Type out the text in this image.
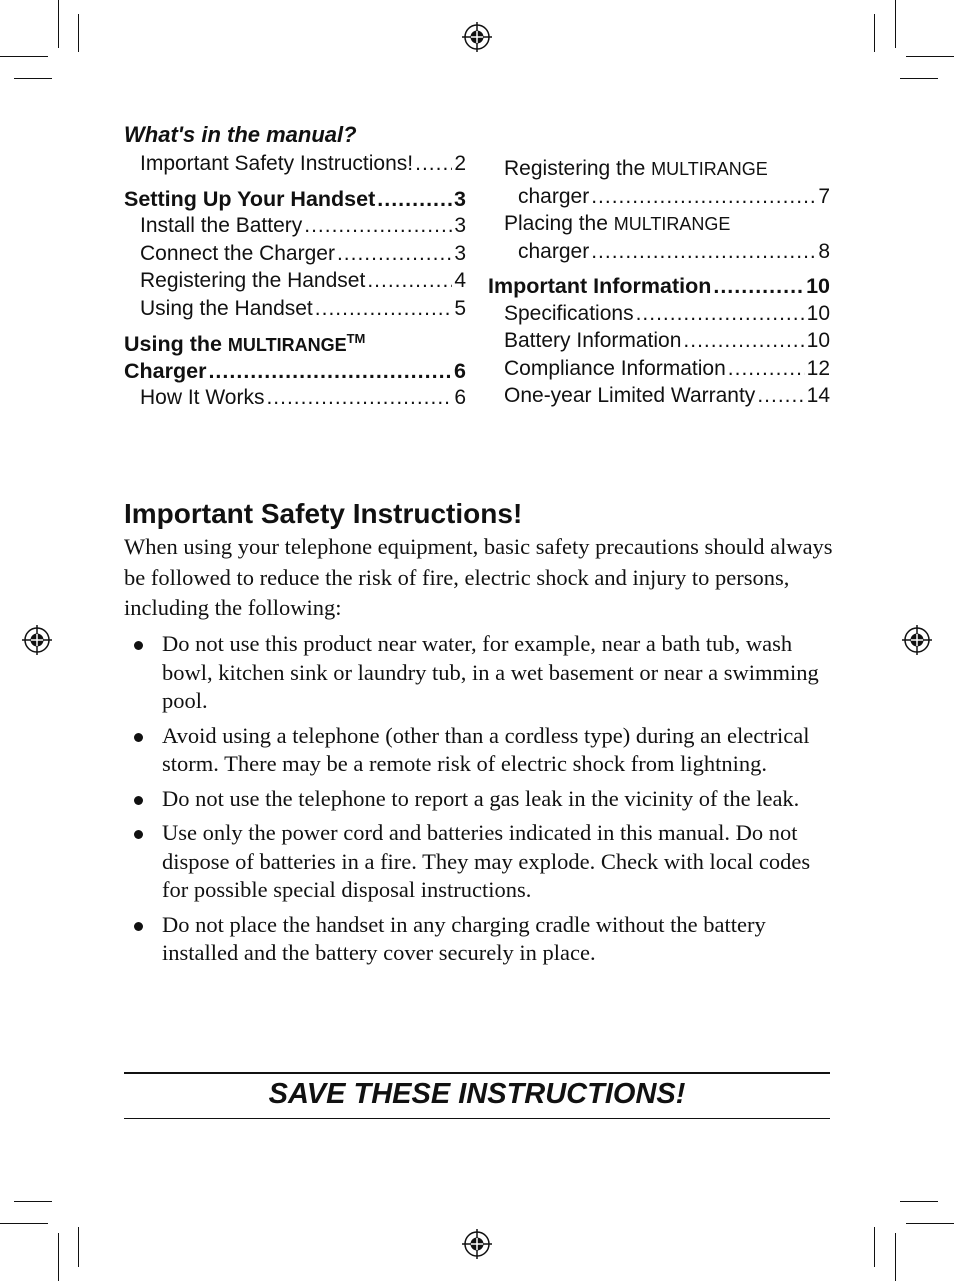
What's in the manual?
Important Safety Instructions! ..... 2
Setting Up Your Handset .....	3
Install the Battery .....	3
Connect the Charger .....	3
Registering the Handset .....	4
Using the Handset .....	5
Using the MULTIRANGE™
Charger .....	6
How It Works .....	6
Registering the MULTIRANGE
charger .....	7
Placing the MULTIRANGE
charger .....	8
Important Information .....	10
Specifications .....	10
Battery Information .....	10
Compliance Information .....	12
One-year Limited Warranty ..... 14
Important Safety Instructions!

When using your telephone equipment, basic safety precautions should always be followed to reduce the risk of fire, electric shock and injury to persons, including the following:

Do not use this product near water, for example, near a bath tub, wash bowl, kitchen sink or laundry tub, in a wet basement or near a swimming pool.
Avoid using a telephone (other than a cordless type) during an electrical storm. There may be a remote risk of electric shock from lightning.
Do not use the telephone to report a gas leak in the vicinity of the leak.
Use only the power cord and batteries indicated in this manual. Do not dispose of batteries in a fire. They may explode. Check with local codes for possible special disposal instructions.
Do not place the handset in any charging cradle without the battery installed and the battery cover securely in place.
SAVE THESE INSTRUCTIONS!
